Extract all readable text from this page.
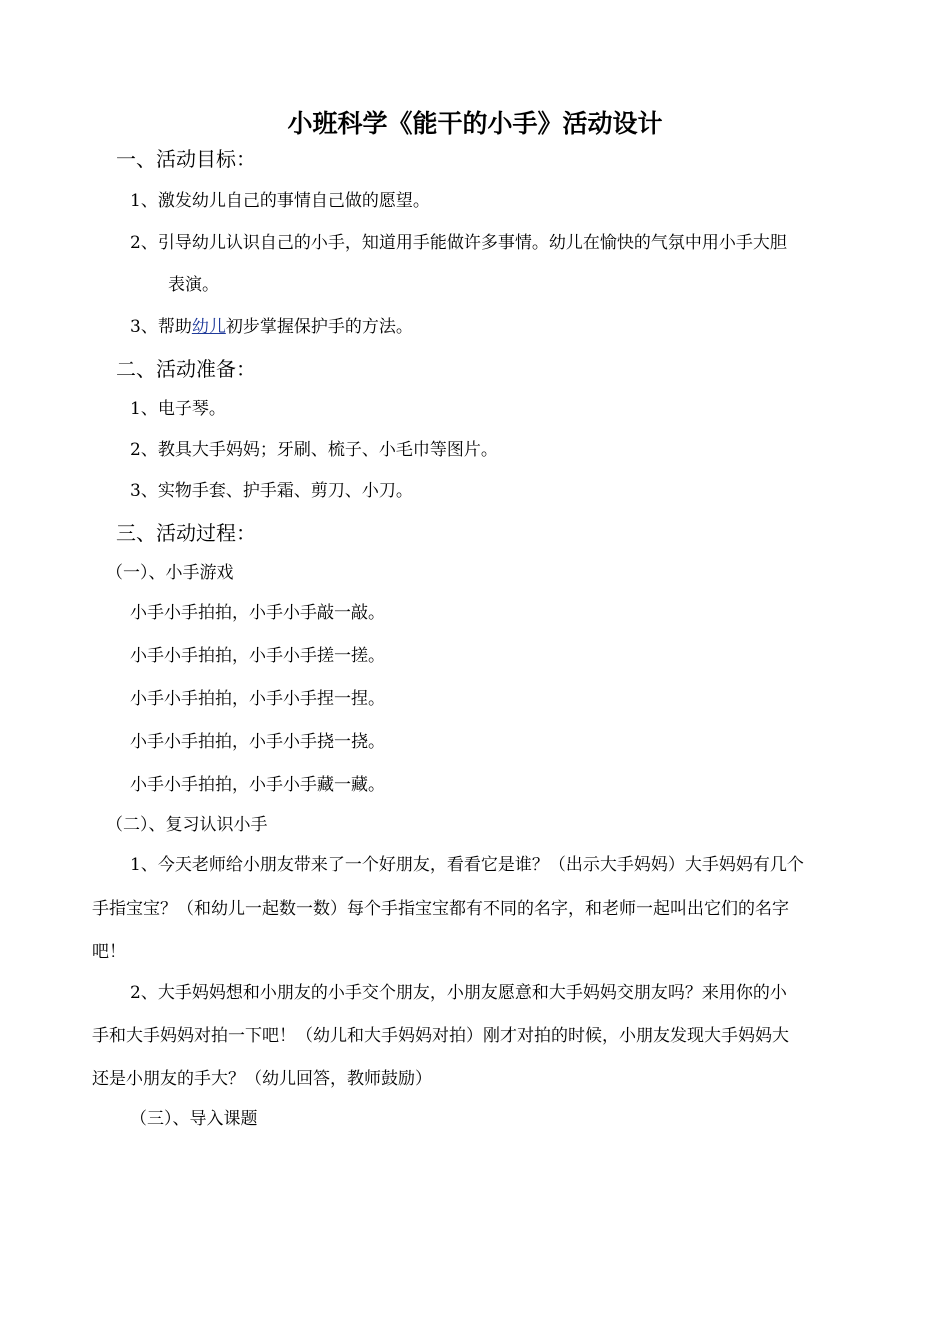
小班科学《能干的小手》活动设计
一、活动目标：
1、激发幼儿自己的事情自己做的愿望。
2、引导幼儿认识自己的小手，知道用手能做许多事情。幼儿在愉快的气氛中用小手大胆
表演。
3、帮助幼儿初步掌握保护手的方法。
二、活动准备：
1、电子琴。
2、教具大手妈妈；牙刷、梳子、小毛巾等图片。
3、实物手套、护手霜、剪刀、小刀。
三、活动过程：
（一）、小手游戏
小手小手拍拍，小手小手敲一敲。
小手小手拍拍，小手小手搓一搓。
小手小手拍拍，小手小手捏一捏。
小手小手拍拍，小手小手挠一挠。
小手小手拍拍，小手小手藏一藏。
（二）、复习认识小手
1、今天老师给小朋友带来了一个好朋友，看看它是谁？（出示大手妈妈）大手妈妈有几个
手指宝宝？（和幼儿一起数一数）每个手指宝宝都有不同的名字，和老师一起叫出它们的名字
吧！
2、大手妈妈想和小朋友的小手交个朋友，小朋友愿意和大手妈妈交朋友吗？来用你的小
手和大手妈妈对拍一下吧！（幼儿和大手妈妈对拍）刚才对拍的时候，小朋友发现大手妈妈大
还是小朋友的手大？（幼儿回答，教师鼓励）
（三）、导入课题
